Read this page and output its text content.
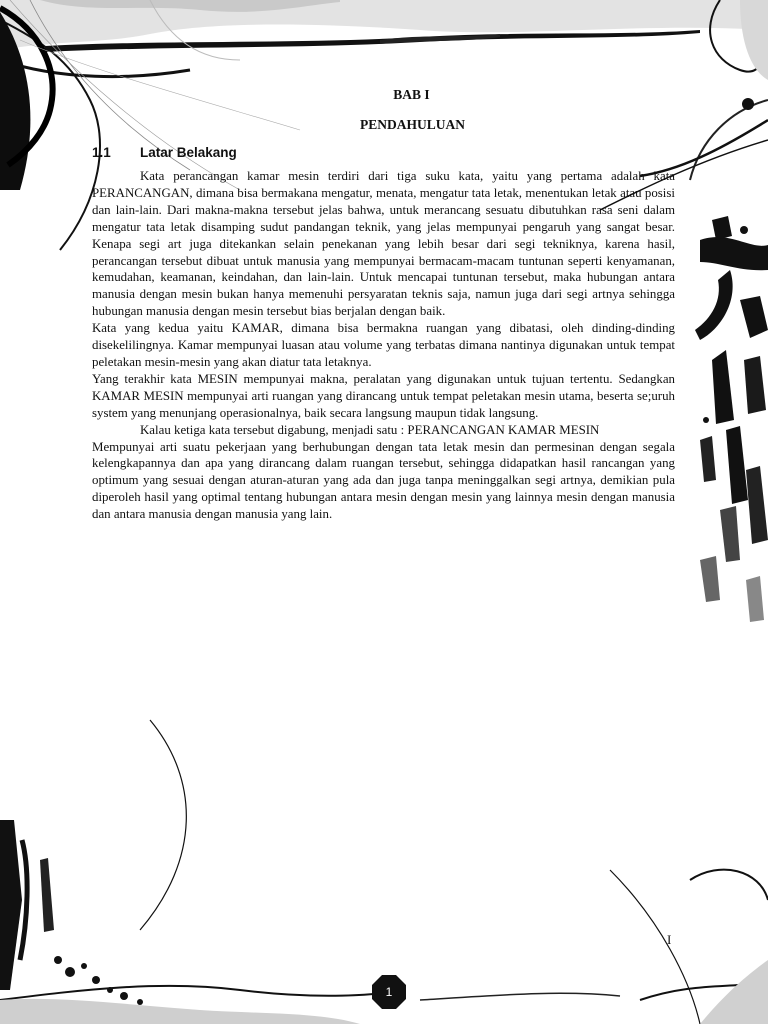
BAB I
PENDAHULUAN
1.1	Latar Belakang

Kata perancangan kamar mesin terdiri dari tiga suku kata, yaitu yang pertama adalah kata PERANCANGAN, dimana bisa bermakana mengatur, menata, mengatur tata letak, menentukan letak atau posisi dan lain-lain. Dari makna-makna tersebut jelas bahwa, untuk merancang sesuatu dibutuhkan rasa seni dalam mengatur tata letak disamping sudut pandangan teknik, yang jelas mempunyai pengaruh yang sangat besar. Kenapa segi art juga ditekankan selain penekanan yang lebih besar dari segi tekniknya, karena hasil, perancangan tersebut dibuat untuk manusia yang mempunyai bermacam-macam tuntunan seperti kenyamanan, kemudahan, keamanan, keindahan, dan lain-lain. Untuk mencapai tuntunan tersebut, maka hubungan antara manusia dengan mesin bukan hanya memenuhi persyaratan teknis saja, namun juga dari segi artnya sehingga hubungan manusia dengan mesin tersebut bias berjalan dengan baik.

Kata yang kedua yaitu KAMAR, dimana bisa bermakna ruangan yang dibatasi, oleh dinding-dinding disekelilingnya. Kamar mempunyai luasan atau volume yang terbatas dimana nantinya digunakan untuk tempat peletakan mesin-mesin yang akan diatur tata letaknya.

Yang terakhir kata MESIN mempunyai makna, peralatan yang digunakan untuk tujuan tertentu. Sedangkan KAMAR MESIN mempunyai arti ruangan yang dirancang untuk tempat peletakan mesin utama, beserta se;uruh system yang menunjang operasionalnya, baik secara langsung maupun tidak langsung.

Kalau ketiga kata tersebut digabung, menjadi satu : PERANCANGAN KAMAR MESIN

Mempunyai arti suatu pekerjaan yang berhubungan dengan tata letak mesin dan permesinan dengan segala kelengkapannya dan apa yang dirancang dalam ruangan tersebut, sehingga didapatkan hasil rancangan yang optimum yang sesuai dengan aturan-aturan yang ada dan juga tanpa meninggalkan segi artnya, demikian pula diperoleh hasil yang optimal tentang hubungan antara mesin dengan mesin yang lainnya mesin dengan manusia dan antara manusia dengan manusia yang lain.

I
1
